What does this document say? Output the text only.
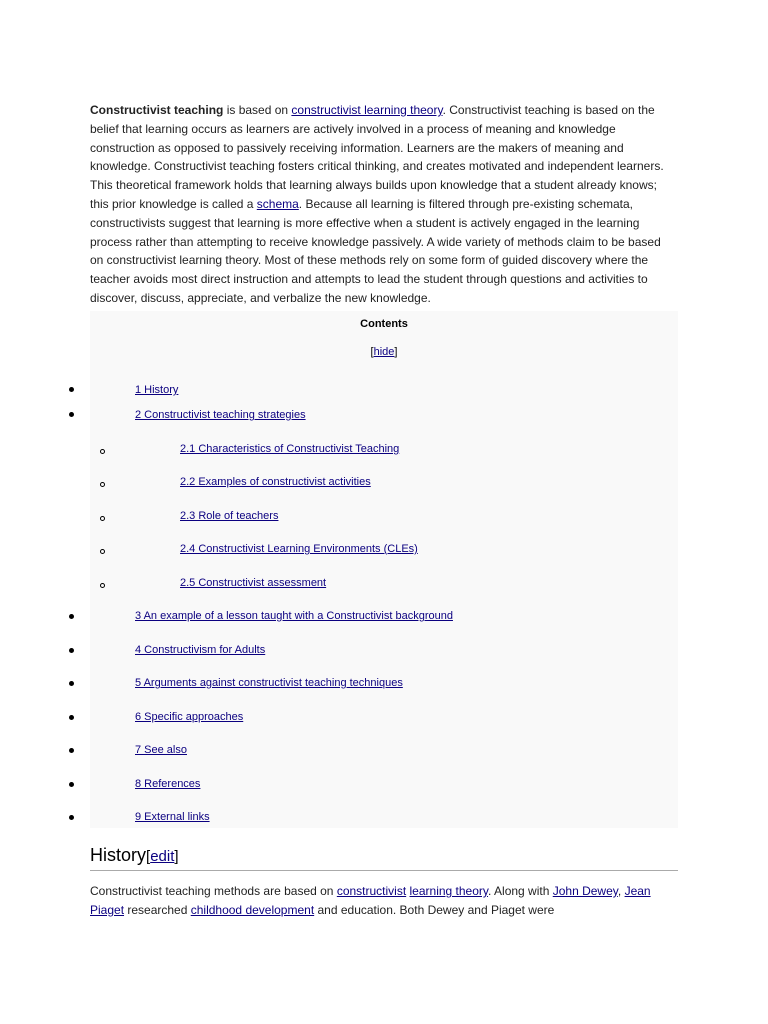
Constructivist teaching is based on constructivist learning theory. Constructivist teaching is based on the belief that learning occurs as learners are actively involved in a process of meaning and knowledge construction as opposed to passively receiving information. Learners are the makers of meaning and knowledge. Constructivist teaching fosters critical thinking, and creates motivated and independent learners. This theoretical framework holds that learning always builds upon knowledge that a student already knows; this prior knowledge is called a schema. Because all learning is filtered through pre-existing schemata, constructivists suggest that learning is more effective when a student is actively engaged in the learning process rather than attempting to receive knowledge passively. A wide variety of methods claim to be based on constructivist learning theory. Most of these methods rely on some form of guided discovery where the teacher avoids most direct instruction and attempts to lead the student through questions and activities to discover, discuss, appreciate, and verbalize the new knowledge.
Contents
[hide]
1 History
2 Constructivist teaching strategies
2.1 Characteristics of Constructivist Teaching
2.2 Examples of constructivist activities
2.3 Role of teachers
2.4 Constructivist Learning Environments (CLEs)
2.5 Constructivist assessment
3 An example of a lesson taught with a Constructivist background
4 Constructivism for Adults
5 Arguments against constructivist teaching techniques
6 Specific approaches
7 See also
8 References
9 External links
History[edit]
Constructivist teaching methods are based on constructivist learning theory. Along with John Dewey, Jean Piaget researched childhood development and education. Both Dewey and Piaget were
